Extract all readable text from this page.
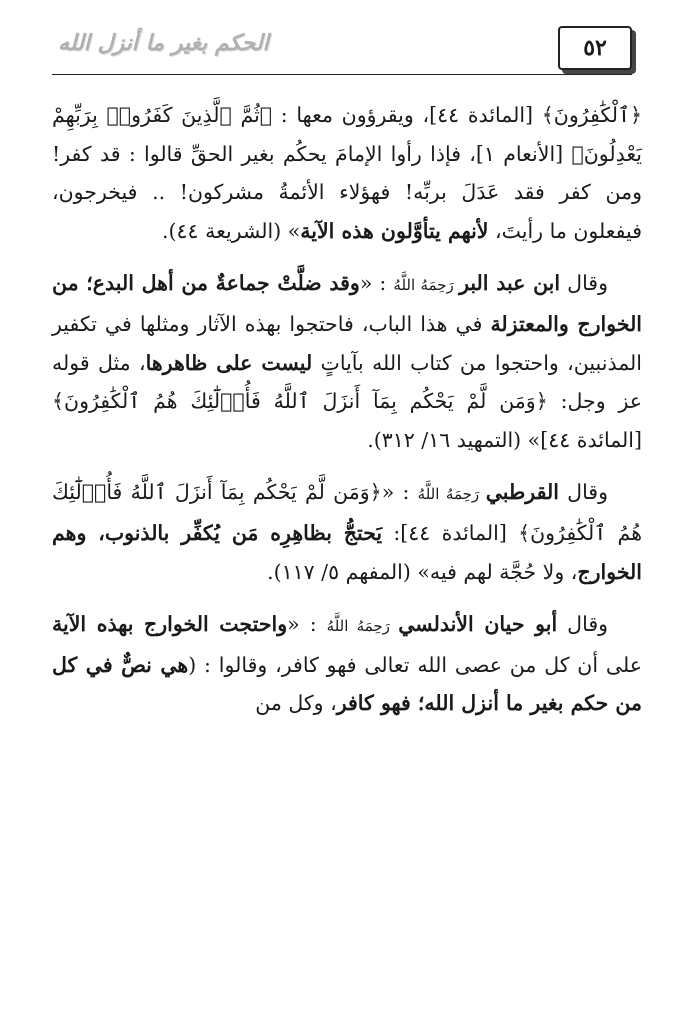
٥٢
الحكم بغير ما أنزل الله

﴿ٱلْكَٰفِرُونَ﴾ [المائدة ٤٤]، ويقرؤون معها : ﴿ثُمَّ ٱلَّذِينَ كَفَرُوا۟ بِرَبِّهِمْ يَعْدِلُونَ﴾ [الأنعام ١]، فإذا رأوا الإمامَ يحكُم بغير الحقِّ قالوا : قد كفر! ومن كفر فقد عَدَلَ بربِّه! فهؤلاء الأئمةُ مشركون! .. فيخرجون، فيفعلون ما رأيتَ، لأنهم يتأوَّلون هذه الآية» (الشريعة ٤٤).

وقال ابن عبد البر رَحِمَهُ اللَّهُ : «وقد ضلَّتْ جماعةٌ من أهل البدع؛ من الخوارج والمعتزلة في هذا الباب، فاحتجوا بهذه الآثار ومثلها في تكفير المذنبين، واحتجوا من كتاب الله بآياتٍ ليست على ظاهرها، مثل قوله عز وجل: ﴿وَمَن لَّمْ يَحْكُم بِمَآ أَنزَلَ ٱللَّهُ فَأُو۟لَٰٓئِكَ هُمُ ٱلْكَٰفِرُونَ﴾ [المائدة ٤٤]» (التمهيد ١٦/ ٣١٢).

وقال القرطبي رَحِمَهُ اللَّهُ : «﴿وَمَن لَّمْ يَحْكُم بِمَآ أَنزَلَ ٱللَّهُ فَأُو۟لَٰٓئِكَ هُمُ ٱلْكَٰفِرُونَ﴾ [المائدة ٤٤]: يَحتجُّ بظاهِرِه مَن يُكفِّر بالذنوب، وهم الخوارج، ولا حُجَّة لهم فيه» (المفهم ٥/ ١١٧).

وقال أبو حيان الأندلسي رَحِمَهُ اللَّهُ : «واحتجت الخوارج بهذه الآية على أن كل من عصى الله تعالى فهو كافر، وقالوا : (هي نصٌّ في كل من حكم بغير ما أنزل الله؛ فهو كافر، وكل من
